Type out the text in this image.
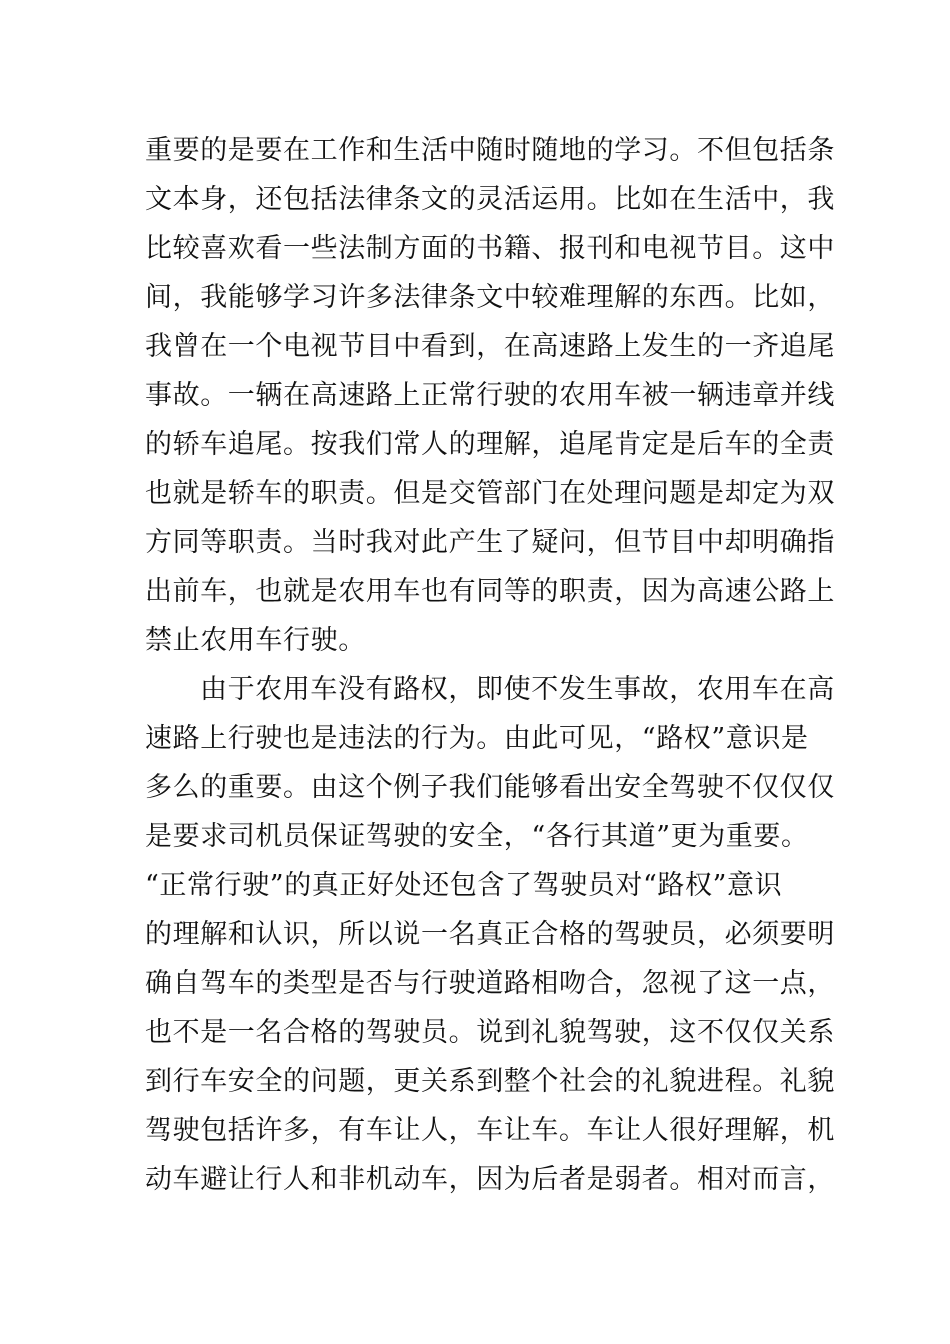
重要的是要在工作和生活中随时随地的学习。不但包括条
文本身，还包括法律条文的灵活运用。比如在生活中，我
比较喜欢看一些法制方面的书籍、报刊和电视节目。这中
间，我能够学习许多法律条文中较难理解的东西。比如，
我曾在一个电视节目中看到，在高速路上发生的一齐追尾
事故。一辆在高速路上正常行驶的农用车被一辆违章并线
的轿车追尾。按我们常人的理解，追尾肯定是后车的全责
也就是轿车的职责。但是交管部门在处理问题是却定为双
方同等职责。当时我对此产生了疑问，但节目中却明确指
出前车，也就是农用车也有同等的职责，因为高速公路上
禁止农用车行驶。
由于农用车没有路权，即使不发生事故，农用车在高
速路上行驶也是违法的行为。由此可见，“路权”意识是
多么的重要。由这个例子我们能够看出安全驾驶不仅仅仅
是要求司机员保证驾驶的安全，“各行其道”更为重要。
“正常行驶”的真正好处还包含了驾驶员对“路权”意识
的理解和认识，所以说一名真正合格的驾驶员，必须要明
确自驾车的类型是否与行驶道路相吻合，忽视了这一点，
也不是一名合格的驾驶员。说到礼貌驾驶，这不仅仅关系
到行车安全的问题，更关系到整个社会的礼貌进程。礼貌
驾驶包括许多，有车让人，车让车。车让人很好理解，机
动车避让行人和非机动车，因为后者是弱者。相对而言，
